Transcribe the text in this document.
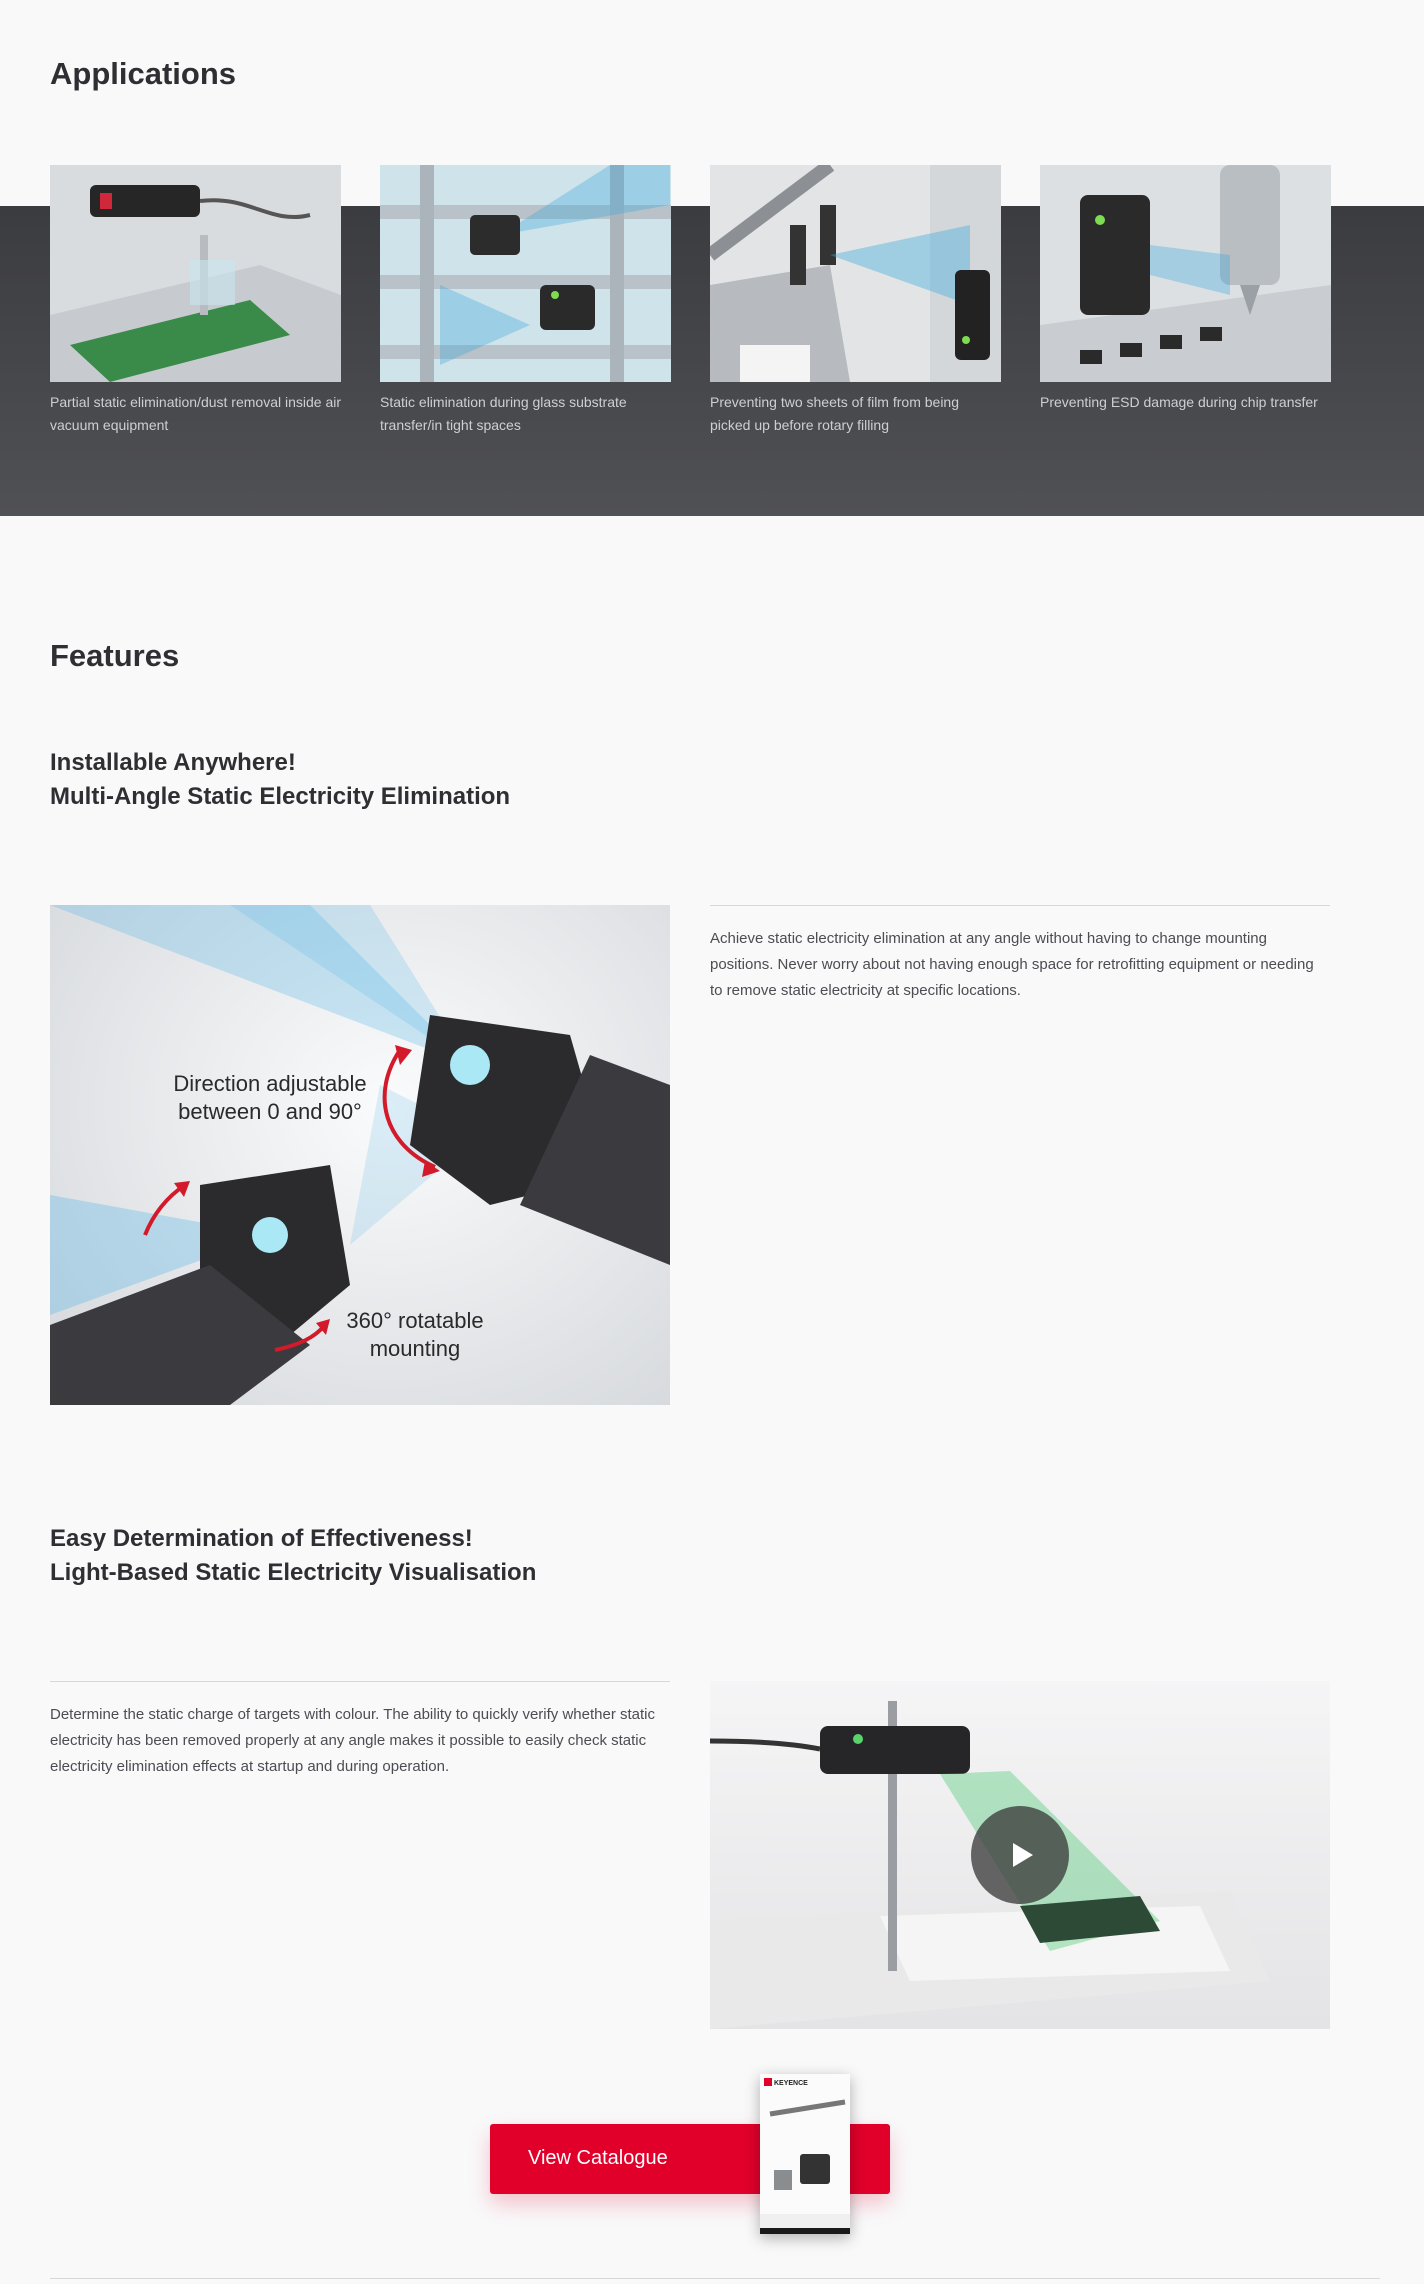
Applications

Partial static elimination/dust removal inside air vacuum equipment

Static elimination during glass substrate transfer/in tight spaces

Preventing two sheets of film from being picked up before rotary filling

Preventing ESD damage during chip transfer

Features
Installable Anywhere!
Multi-Angle Static Electricity Elimination
Direction adjustable between 0 and 90°
360° rotatable mounting

Achieve static electricity elimination at any angle without having to change mounting positions. Never worry about not having enough space for retrofitting equipment or needing to remove static electricity at specific locations.

Easy Determination of Effectiveness!
Light-Based Static Electricity Visualisation

Determine the static charge of targets with colour. The ability to quickly verify whether static electricity has been removed properly at any angle makes it possible to easily check static electricity elimination effects at startup and during operation.

View Catalogue
KEYENCE
